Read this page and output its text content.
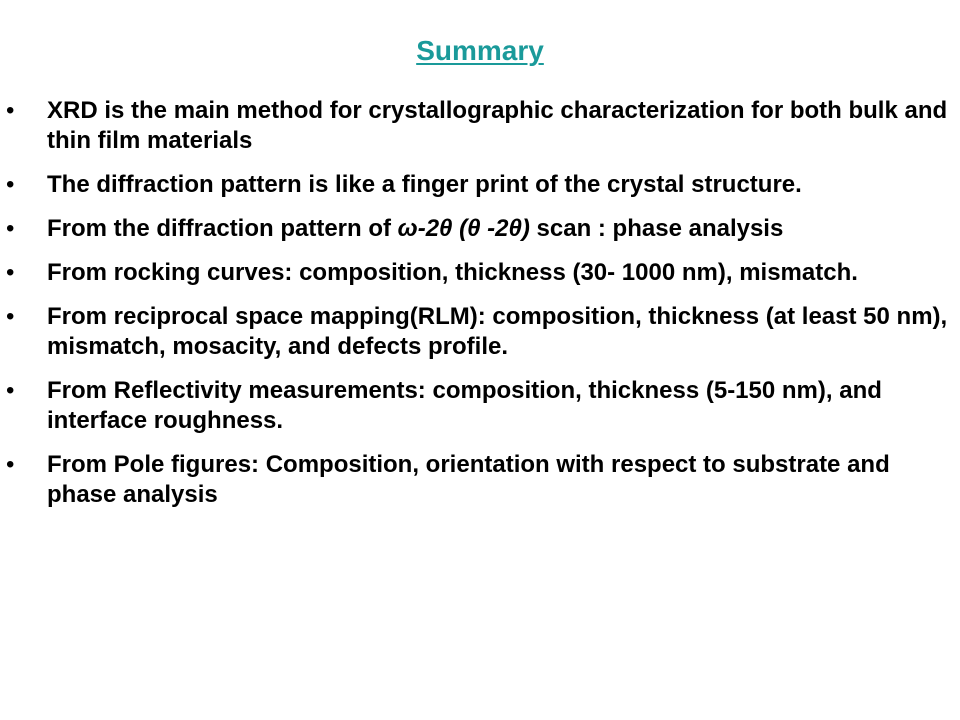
Summary
• XRD is the main method for crystallographic characterization for both bulk and thin film materials
• The diffraction pattern is like a finger print of the crystal structure.
• From the diffraction pattern of ω-2θ (θ -2θ) scan : phase analysis
• From rocking curves: composition, thickness (30- 1000 nm), mismatch.
• From reciprocal space mapping(RLM): composition, thickness (at least 50 nm), mismatch, mosacity, and defects profile.
• From Reflectivity measurements: composition, thickness (5-150 nm), and interface roughness.
• From Pole figures: Composition, orientation with respect to substrate and phase analysis
